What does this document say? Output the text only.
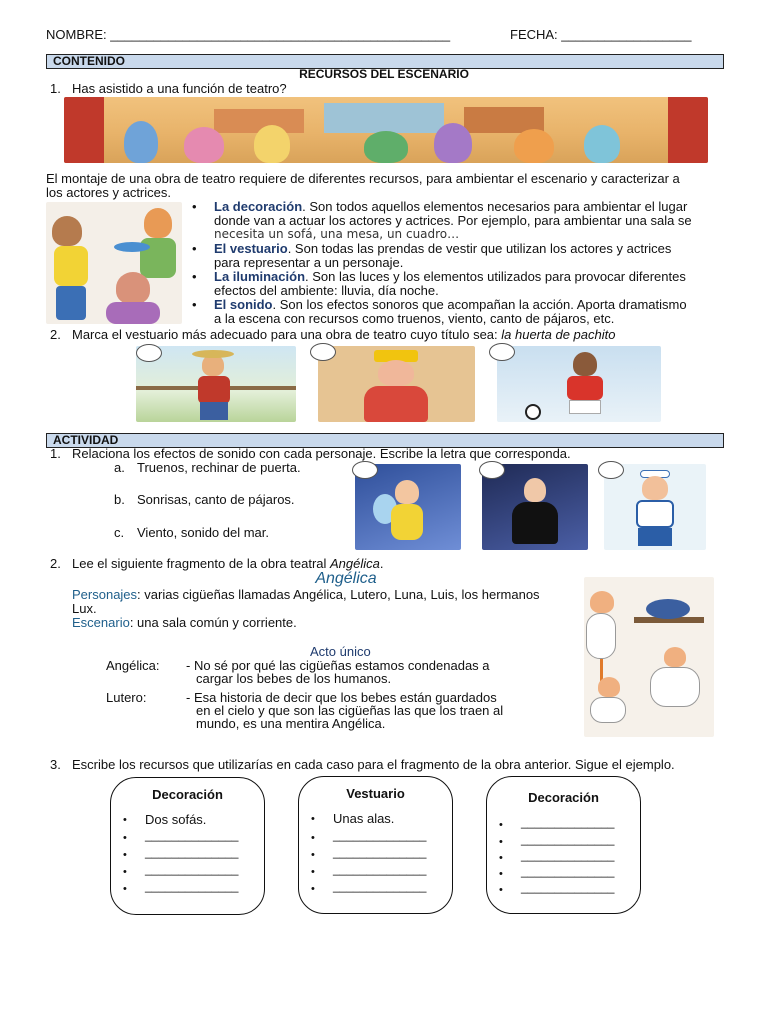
NOMBRE: _______________________________________________	FECHA: __________________
CONTENIDO
RECURSOS DEL ESCENARIO
1. Has asistido a una función de teatro?
El montaje de una obra de teatro requiere de diferentes recursos, para ambientar el escenario y caracterizar a
los actores y actrices.
• La decoración. Son todos aquellos elementos necesarios para ambientar el lugar
donde van a actuar los actores y actrices. Por ejemplo, para ambientar una sala se
necesita un sofá, una mesa, un cuadro…
• El vestuario. Son todas las prendas de vestir que utilizan los actores y actrices
para representar a un personaje.
• La iluminación. Son las luces y los elementos utilizados para provocar diferentes
efectos del ambiente: lluvia, día noche.
• El sonido. Son los efectos sonoros que acompañan la acción. Aporta dramatismo
a la escena con recursos como truenos, viento, canto de pájaros, etc.
2. Marca el vestuario más adecuado para una obra de teatro cuyo título sea: la huerta de pachito
ACTIVIDAD
1. Relaciona los efectos de sonido con cada personaje. Escribe la letra que corresponda.
a. Truenos, rechinar de puerta.
b. Sonrisas, canto de pájaros.
c. Viento, sonido del mar.
2. Lee el siguiente fragmento de la obra teatral Angélica.
Angélica
Personajes: varias cigüeñas llamadas Angélica, Lutero, Luna, Luis, los hermanos
Lux.
Escenario: una sala común y corriente.
Acto único
Angélica: - No sé por qué las cigüeñas estamos condenadas a
cargar los bebes de los humanos.
Lutero:	- Esa historia de decir que los bebes están guardados
en el cielo y que son las cigüeñas las que los traen al
mundo, es una mentira Angélica.
3. Escribe los recursos que utilizarías en cada caso para el fragmento de la obra anterior. Sigue el ejemplo.
Decoración
• Dos sofás.
• ______________
• ______________
• ______________
• ______________
Vestuario
• Unas alas.
• ______________
• ______________
• ______________
• ______________
Decoración
• ______________
• ______________
• ______________
• ______________
• ______________
